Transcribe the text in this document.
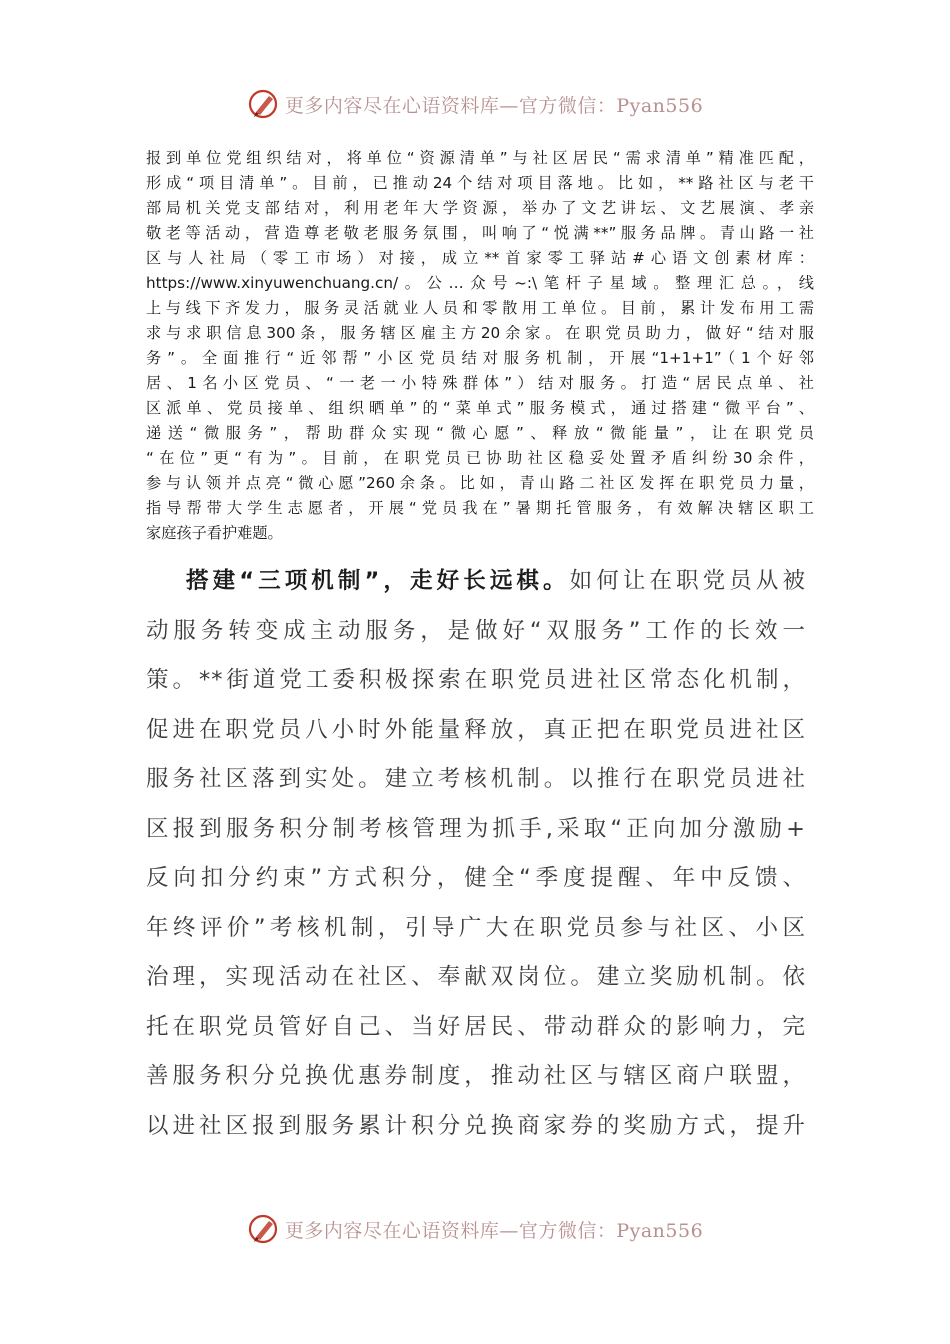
更多内容尽在心语资料库—官方微信：Pyan556
报到单位党组织结对，将单位“资源清单”与社区居民“需求清单”精准匹配，
形成“项目清单”。目前，已推动24个结对项目落地。比如，**路社区与老干
部局机关党支部结对，利用老年大学资源，举办了文艺讲坛、文艺展演、孝亲
敬老等活动，营造尊老敬老服务氛围，叫响了“悦满**”服务品牌。青山路一社
区与人社局（零工市场）对接，成立**首家零工驿站#心语文创素材库：
https://www.xinyuwenchuang.cn/。公…众号~:\笔杆子星域。整理汇总。，线
上与线下齐发力，服务灵活就业人员和零散用工单位。目前，累计发布用工需
求与求职信息300条，服务辖区雇主方20余家。在职党员助力，做好“结对服
务”。全面推行“近邻帮”小区党员结对服务机制，开展“1+1+1”（1个好邻
居、1名小区党员、“一老一小特殊群体”）结对服务。打造“居民点单、社
区派单、党员接单、组织晒单”的“菜单式”服务模式，通过搭建“微平台”、
递送“微服务”，帮助群众实现“微心愿”、释放“微能量”，让在职党员
“在位”更“有为”。目前，在职党员已协助社区稳妥处置矛盾纠纷30余件，
参与认领并点亮“微心愿”260余条。比如，青山路二社区发挥在职党员力量，
指导帮带大学生志愿者，开展“党员我在”暑期托管服务，有效解决辖区职工
家庭孩子看护难题。
搭建“三项机制”，走好长远棋。如何让在职党员从被
动服务转变成主动服务，是做好“双服务”工作的长效一
策。**街道党工委积极探索在职党员进社区常态化机制，
促进在职党员八小时外能量释放，真正把在职党员进社区
服务社区落到实处。建立考核机制。以推行在职党员进社
区报到服务积分制考核管理为抓手,采取“正向加分激励+
反向扣分约束”方式积分，健全“季度提醒、年中反馈、
年终评价”考核机制，引导广大在职党员参与社区、小区
治理，实现活动在社区、奉献双岗位。建立奖励机制。依
托在职党员管好自己、当好居民、带动群众的影响力，完
善服务积分兑换优惠券制度，推动社区与辖区商户联盟，
以进社区报到服务累计积分兑换商家券的奖励方式，提升
更多内容尽在心语资料库—官方微信：Pyan556
